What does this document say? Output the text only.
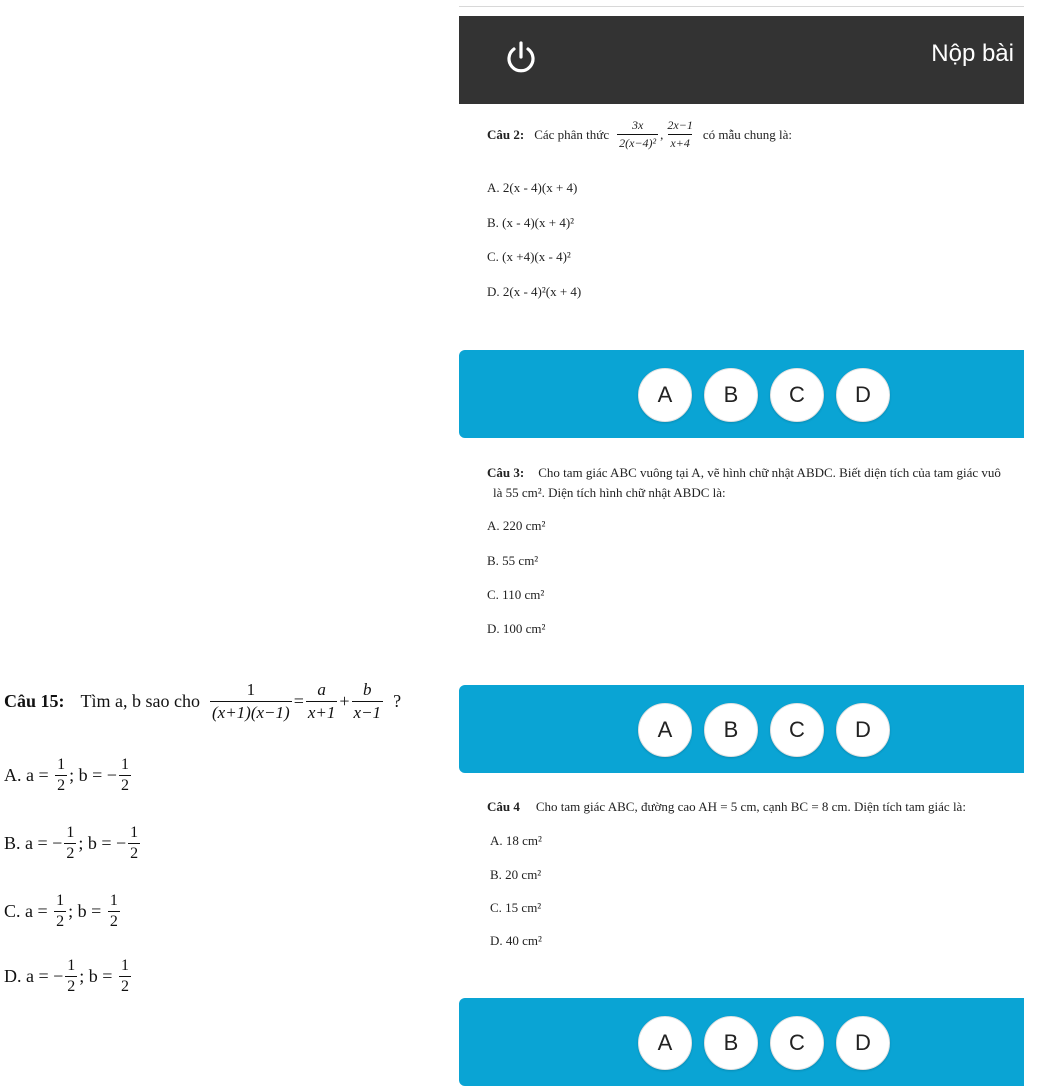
Câu 15: Tìm a, b sao cho $\frac{1}{(x+1)(x-1)} = \frac{a}{x+1} + \frac{b}{x-1}$ ?
A.
a =
$\frac{1}{2}$ ; b =
− $\frac{1}{2}$
B.
a =
− $\frac{1}{2}$ ; b =
− $\frac{1}{2}$
C.
a =
$\frac{1}{2}$ ; b =
$\frac{1}{2}$
D.
a =
− $\frac{1}{2}$ ; b =
$\frac{1}{2}$
Nộp bài
Câu 2: Các phân thức $\frac{3x}{\text{2(x−4)²}}$ , $\frac{2x-1}{x+4}$ có mẫu chung là:
A. 2(x - 4)(x + 4)
B. (x - 4)(x + 4)²
C. (x +4)(x - 4)²
D. 2(x - 4)²(x + 4)
A	B	C	D
Câu 3: Cho tam giác ABC vuông tại A, vẽ hình chữ nhật ABDC. Biết diện tích của tam giác vuô
là 55 cm². Diện tích hình chữ nhật ABDC là:
A. 220 cm²
B. 55 cm²
C. 110 cm²
D. 100 cm²
A	B	C	D
Câu 4 Cho tam giác ABC, đường cao AH = 5 cm, cạnh BC = 8 cm. Diện tích tam giác là:
A. 18 cm²
B. 20 cm²
C. 15 cm²
D. 40 cm²
A	B	C	D
